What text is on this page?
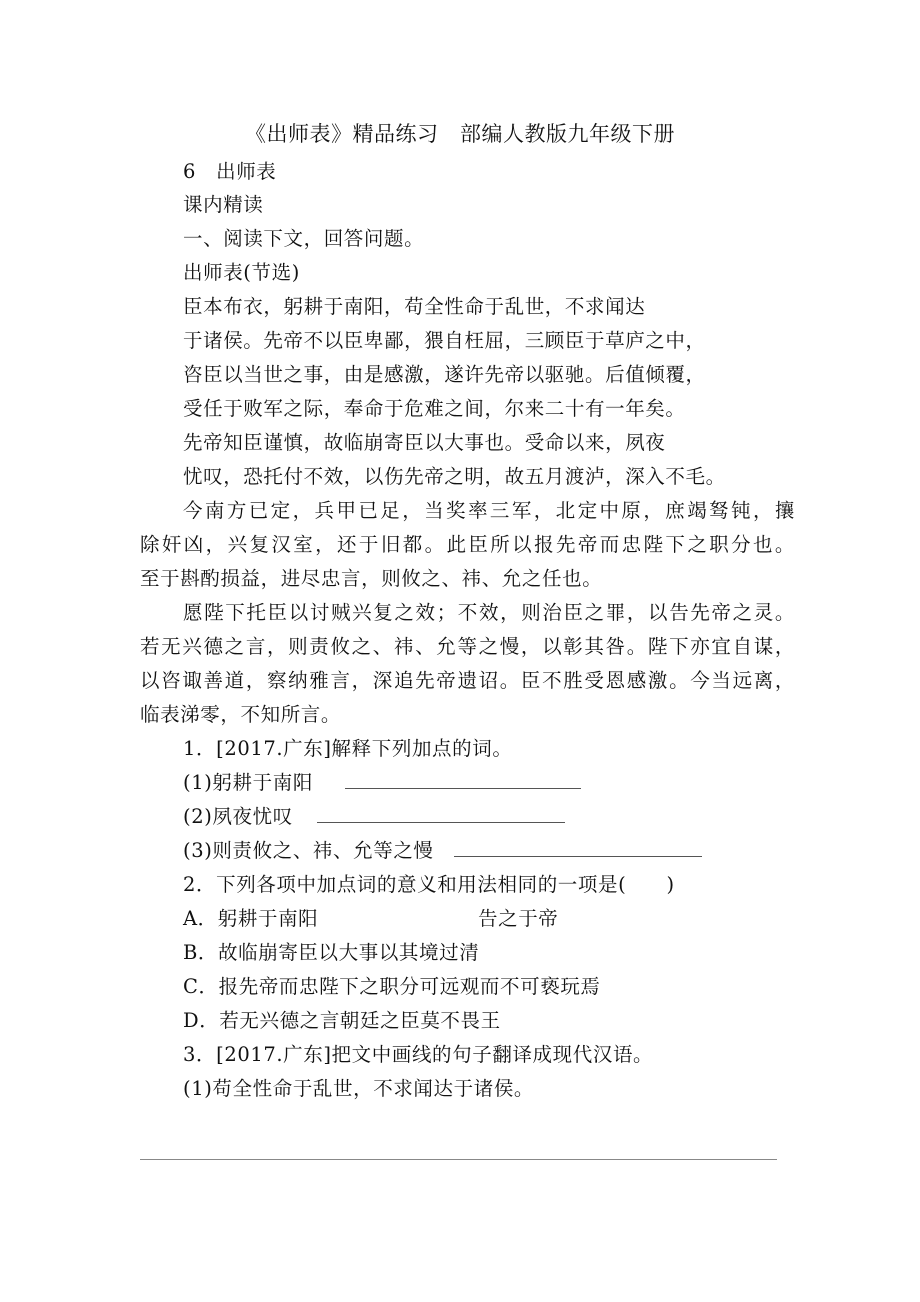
《出师表》精品练习　部编人教版九年级下册
6　出师表
课内精读
一、阅读下文，回答问题。
出师表(节选)
臣本布衣，躬耕于南阳，苟全性命于乱世，不求闻达
于诸侯。先帝不以臣卑鄙，猥自枉屈，三顾臣于草庐之中，
咨臣以当世之事，由是感激，遂许先帝以驱驰。后值倾覆，
受任于败军之际，奉命于危难之间，尔来二十有一年矣。
先帝知臣谨慎，故临崩寄臣以大事也。受命以来，夙夜
忧叹，恐托付不效，以伤先帝之明，故五月渡泸，深入不毛。
今南方已定，兵甲已足，当奖率三军，北定中原，庶竭驽钝，攘
除奸凶，兴复汉室，还于旧都。此臣所以报先帝而忠陛下之职分也。
至于斟酌损益，进尽忠言，则攸之、祎、允之任也。
愿陛下托臣以讨贼兴复之效；不效，则治臣之罪，以告先帝之灵。
若无兴德之言，则责攸之、祎、允等之慢，以彰其咎。陛下亦宜自谋，
以咨诹善道，察纳雅言，深追先帝遗诏。臣不胜受恩感激。今当远离，
临表涕零，不知所言。
1．[2017.广东]解释下列加点的词。
(1)躬耕于南阳
(2)夙夜忧叹
(3)则责攸之、祎、允等之慢
2．下列各项中加点词的意义和用法相同的一项是(　　)
A．躬耕于南阳	告之于帝
B．故临崩寄臣以大事以其境过清
C．报先帝而忠陛下之职分可远观而不可亵玩焉
D．若无兴德之言朝廷之臣莫不畏王
3．[2017.广东]把文中画线的句子翻译成现代汉语。
(1)苟全性命于乱世，不求闻达于诸侯。
